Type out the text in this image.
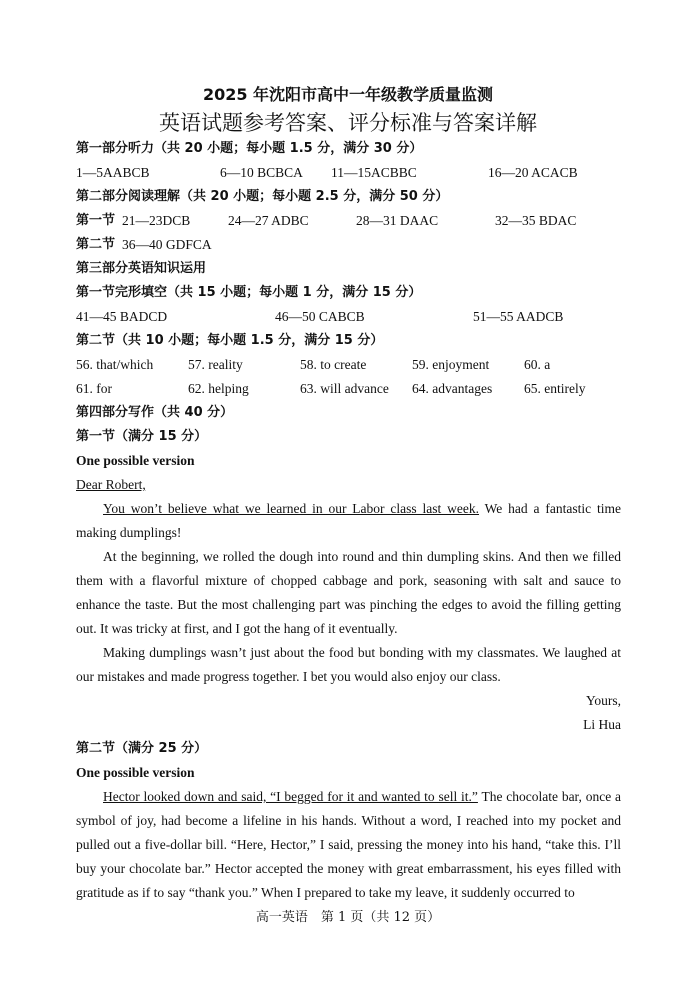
2025 年沈阳市高中一年级教学质量监测
英语试题参考答案、评分标准与答案详解
第一部分听力（共 20 小题；每小题 1.5 分，满分 30 分）
1—5AABCB	6—10 BCBCA 11—15ACBBC	16—20 ACACB
第二部分阅读理解（共 20 小题；每小题 2.5 分，满分 50 分）
第一节 21—23DCB	24—27 ADBC	28—31 DAAC	32—35 BDAC
第二节 36—40 GDFCA
第三部分英语知识运用
第一节完形填空（共 15 小题；每小题 1 分，满分 15 分）
41—45 BADCD	46—50 CABCB	51—55 AADCB
第二节（共 10 小题；每小题 1.5 分，满分 15 分）
56. that/which	57. reality	58. to create	59. enjoyment	60. a
61. for	62. helping	63. will advance 64. advantages 65. entirely
第四部分写作（共 40 分）
第一节（满分 15 分）
One possible version
Dear Robert,

You won’t believe what we learned in our Labor class last week. We had a fantastic time making dumplings!

At the beginning, we rolled the dough into round and thin dumpling skins. And then we filled them with a flavorful mixture of chopped cabbage and pork, seasoning with salt and sauce to enhance the taste. But the most challenging part was pinching the edges to avoid the filling getting out. It was tricky at first, and I got the hang of it eventually.

Making dumplings wasn’t just about the food but bonding with my classmates. We laughed at our mistakes and made progress together. I bet you would also enjoy our class.

Yours,
Li Hua
第二节（满分 25 分）
One possible version

Hector looked down and said, “I begged for it and wanted to sell it.” The chocolate bar, once a symbol of joy, had become a lifeline in his hands. Without a word, I reached into my pocket and pulled out a five-dollar bill. “Here, Hector,” I said, pressing the money into his hand, “take this. I’ll buy your chocolate bar.” Hector accepted the money with great embarrassment, his eyes filled with gratitude as if to say “thank you.” When I prepared to take my leave, it suddenly occurred to

高一英语　第 1 页（共 12 页）
